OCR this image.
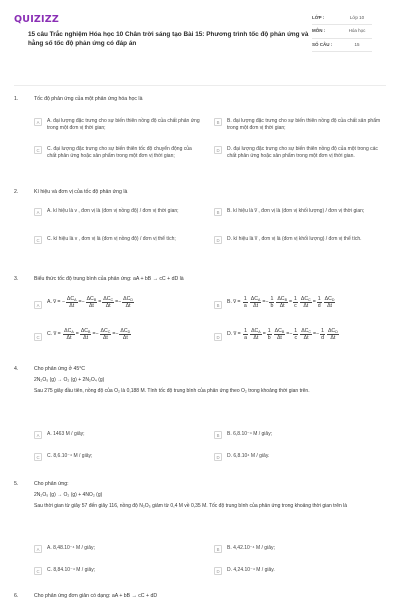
QUIZIZZ
15 câu Trắc nghiệm Hóa học 10 Chân trời sáng tạo Bài 15: Phương trình tốc độ phản ứng và hằng số tốc độ phản ứng có đáp án
LỚP :	Lớp 10
MÔN :	Hóa học
SỐ CÂU :	15
1.	Tốc độ phản ứng của một phản ứng hóa học là
A	A. đại lượng đặc trưng cho sự biến thiên nồng độ của chất phản ứng trong một đơn vị thời gian;
B	B. đại lượng đặc trưng cho sự biến thiên nồng độ của chất sản phẩm trong một đơn vị thời gian;
C	C. đại lượng đặc trưng cho sự biến thiên tốc độ chuyển động của chất phản ứng hoặc sản phẩm trong một đơn vị thời gian;
D	D. đại lượng đặc trưng cho sự biến thiên nồng độ của một trong các chất phản ứng hoặc sản phẩm trong một đơn vị thời gian.
2.	Kí hiệu và đơn vị của tốc độ phản ứng là
A	A. kí hiệu là v , đơn vị là (đơn vị nồng độ) / đơn vị thời gian;	B	B. kí hiệu là v̅ , đơn vị là (đơn vị khối lượng) / đơn vị thời gian;
C	C. kí hiệu là v , đơn vị là (đơn vị nồng độ) / đơn vị thể tích;	D	D. kí hiệu là v̅ , đơn vị là (đơn vị khối lượng) / đơn vị thể tích.
3.	Biểu thức tốc độ trung bình của phản ứng: aA + bB → cC + dD là
A
A. v̅ = − $\frac{\Delta C_A}{\Delta t} =- \frac{\Delta C_B}{\Delta t} = \frac{\Delta C_C}{\Delta t} =- \frac{\Delta C_D}{\Delta t}$	B
B. v̅ =
$\frac{1}{a} \frac{\Delta C_A}{\Delta t} =- \frac{1}{b} \frac{\Delta C_B}{\Delta t} = \frac{1}{c} \frac{\Delta C_C}{\Delta t} = \frac{1}{d} \frac{\Delta C_D}{\Delta t}$
C
C. v̅ =
$\frac{\Delta C_A}{\Delta t} = \frac{\Delta C_B}{\Delta t} =- \frac{\Delta C_C}{\Delta t} =- \frac{\Delta C_D}{\Delta t}$	D
D. v̅ =
$\frac{1}{a} \frac{\Delta C_A}{\Delta t} = \frac{1}{b} \frac{\Delta C_B}{\Delta t} =- \frac{1}{c} \frac{\Delta C_C}{\Delta t} =- \frac{1}{d} \frac{\Delta C_D}{\Delta t}$
4.	Cho phản ứng ở 45°C
2N₂O₅ (g) → O₂ (g) + 2N₂O₄ (g)
Sau 275 giây đầu tiên, nồng độ của O₂ là 0,188 M. Tính tốc độ trung bình của phản ứng theo O₂ trong khoảng thời gian trên.
A	A. 1463 M / giây;	B	B. 6,8.10⁻⁴ M / giây;
C	C. 8,6.10⁻⁴ M / giây;	D	D. 6,8.10⁴ M / giây.
5.	Cho phản ứng:
2N₂O₅ (g) → O₂ (g) + 4NO₂ (g)
Sau thời gian từ giây 57 đến giây 116, nồng độ N₂O₅ giảm từ 0,4 M về 0,35 M. Tốc độ trung bình của phản ứng trong khoảng thời gian trên là
A	A. 8,48.10⁻⁴ M / giây;	B	B. 4,42.10⁻⁴ M / giây;
C	C. 8,84.10⁻⁴ M / giây;	D	D. 4,24.10⁻⁴ M / giây.
6.	Cho phản ứng đơn giản có dạng: aA + bB → cC + dD
